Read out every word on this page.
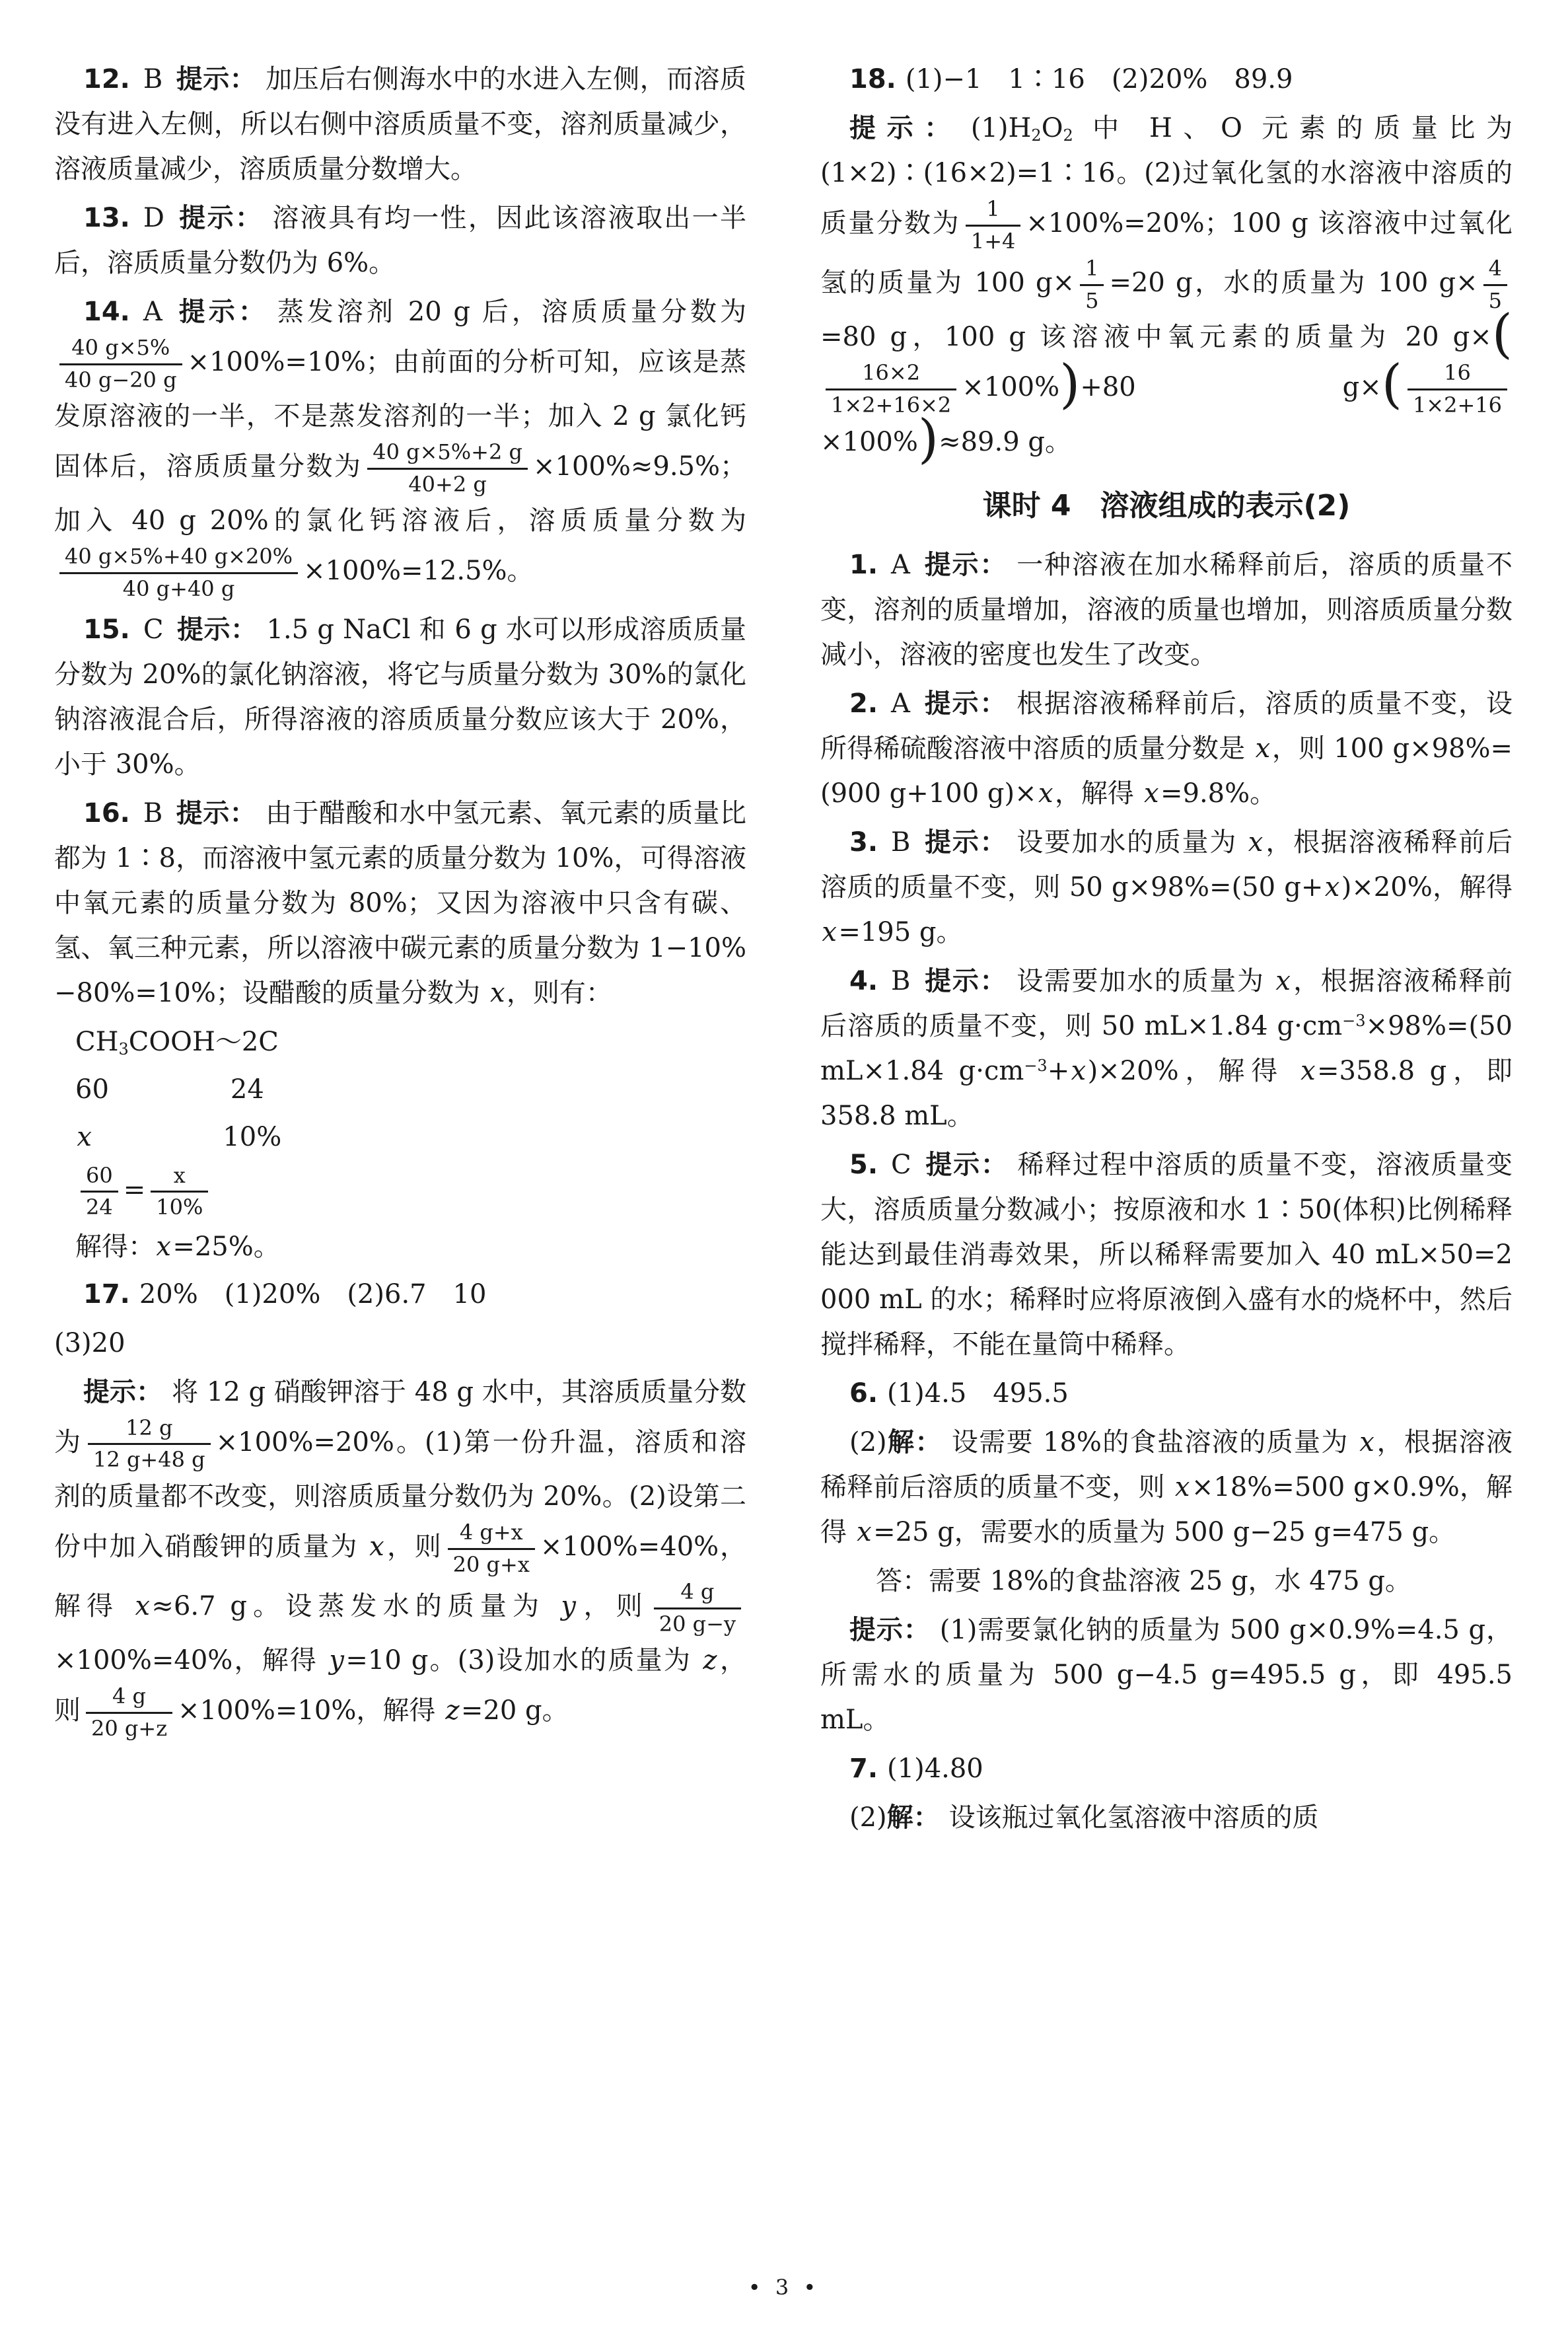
12. B 提示： 加压后右侧海水中的水进入左侧，而溶质没有进入左侧，所以右侧中溶质质量不变，溶剂质量减少，溶液质量减少，溶质质量分数增大。
13. D 提示： 溶液具有均一性，因此该溶液取出一半后，溶质质量分数仍为 6%。
14. A 提示： 蒸发溶剂 20 g 后，溶质质量分数为
$\frac{40 g\times 5\%}{40 g-20 g} \times 100\%=10\%$；由前面的分析可知，应该是蒸发原溶液的一半，不是蒸发溶剂的一半；加入 2 g 氯化钙固体后，溶质质量分数为 $\frac{40 g\times 5\%+2 g}{40+2 g} \times 100\%\approx 9.5\%$；加入 40 g 20%的氯化钙溶液后，溶质质量分数为
$\frac{40 g\times 5\%+40 g\times 20\%}{40 g+40 g} \times 100\%=12.5\%$。
15. C 提示： 1.5 g NaCl 和 6 g 水可以形成溶质质量分数为 20%的氯化钠溶液，将它与质量分数为 30%的氯化钠溶液混合后，所得溶液的溶质质量分数应该大于 20%，小于 30%。
16. B 提示： 由于醋酸和水中氢元素、氧元素的质量比都为 1∶8，而溶液中氢元素的质量分数为 10%，可得溶液中氧元素的质量分数为 80%；又因为溶液中只含有碳、氢、氧三种元素，所以溶液中碳元素的质量分数为 1−10%−80%=10%；设醋酸的质量分数为 x，则有：
$CH_3COOH\sim 2C$
60	24
x	10%
$\frac{60}{24} = \frac{x}{10\%}$
解得：x=25%。
17. 20%　(1)20%　(2)6.7　10
(3)20
提示： 将 12 g 硝酸钾溶于 48 g 水中，其溶质质量分数为 $\frac{12 g}{12 g+48 g} \times 100\%=20\%$。(1)第一份升温，溶质和溶剂的质量都不改变，则溶质质量分数仍为 20%。(2)设第二份中加入硝酸钾的质量为 x，则 $\frac{4 g+x}{20 g+x} \times 100\%=40\%$，解得 x≈6.7 g。设蒸发水的质量为 y，则 $\frac{4 g}{20 g-y}$
×100%=40%，解得 y=10 g。(3)设加水的质量为 z，则 $\frac{4 g}{20 g+z} \times 100\%=10\%$，解得 z=20 g。
18. (1)−1　1∶16　(2)20%　89.9
提示： $(1)H_2O_2$ 中 H、O 元素的质量比为(1×2)∶(16×2)=1∶16。(2)过氧化氢的水溶液中溶质的质量分数为 $\frac{1}{1+4} \times 100\%=20\%$；100 g 该溶液中过氧化氢的质量为 100 $g\times \frac{1}{5} =20$ g，水的质量为 100 $g\times \frac{4}{5}$
=80 g，100 g 该溶液中氧元素的质量为 20 g×(
$\frac{16\times 2}{1\times 2+16\times 2} \times 100\%)+80$ $g\times( \frac{16}{1\times 2+16}$
×100%)≈89.9 g。
课时 4　溶液组成的表示(2)
1. A 提示： 一种溶液在加水稀释前后，溶质的质量不变，溶剂的质量增加，溶液的质量也增加，则溶质质量分数减小，溶液的密度也发生了改变。
2. A 提示： 根据溶液稀释前后，溶质的质量不变，设所得稀硫酸溶液中溶质的质量分数是 x，则 100 g×98%=(900 g+100 g)×x，解得 x=9.8%。
3. B 提示： 设要加水的质量为 x，根据溶液稀释前后溶质的质量不变，则 50 g×98%=(50 g+x)×20%，解得 x=195 g。
4. B 提示： 设需要加水的质量为 x，根据溶液稀释前后溶质的质量不变，则 50 mL×1.84 $g\cdot cm^{-3}\times 98\%=(50$ mL×1.84 $g\cdot cm^{-3}+x)\times 20\%$，解得 x=358.8 g，即 358.8 mL。
5. C 提示： 稀释过程中溶质的质量不变，溶液质量变大，溶质质量分数减小；按原液和水 1∶50(体积)比例稀释能达到最佳消毒效果，所以稀释需要加入 40 mL×50=2 000 mL 的水；稀释时应将原液倒入盛有水的烧杯中，然后搅拌稀释，不能在量筒中稀释。
6. (1)4.5　495.5
(2)解： 设需要 18%的食盐溶液的质量为 x，根据溶液稀释前后溶质的质量不变，则 x×18%=500 g×0.9%，解得 x=25 g，需要水的质量为 500 g−25 g=475 g。
答：需要 18%的食盐溶液 25 g，水 475 g。
提示： (1)需要氯化钠的质量为 500 g×0.9%=4.5 g，所需水的质量为 500 g−4.5 g=495.5 g，即 495.5 mL。
7. (1)4.80
(2)解： 设该瓶过氧化氢溶液中溶质的质
• 3 •
